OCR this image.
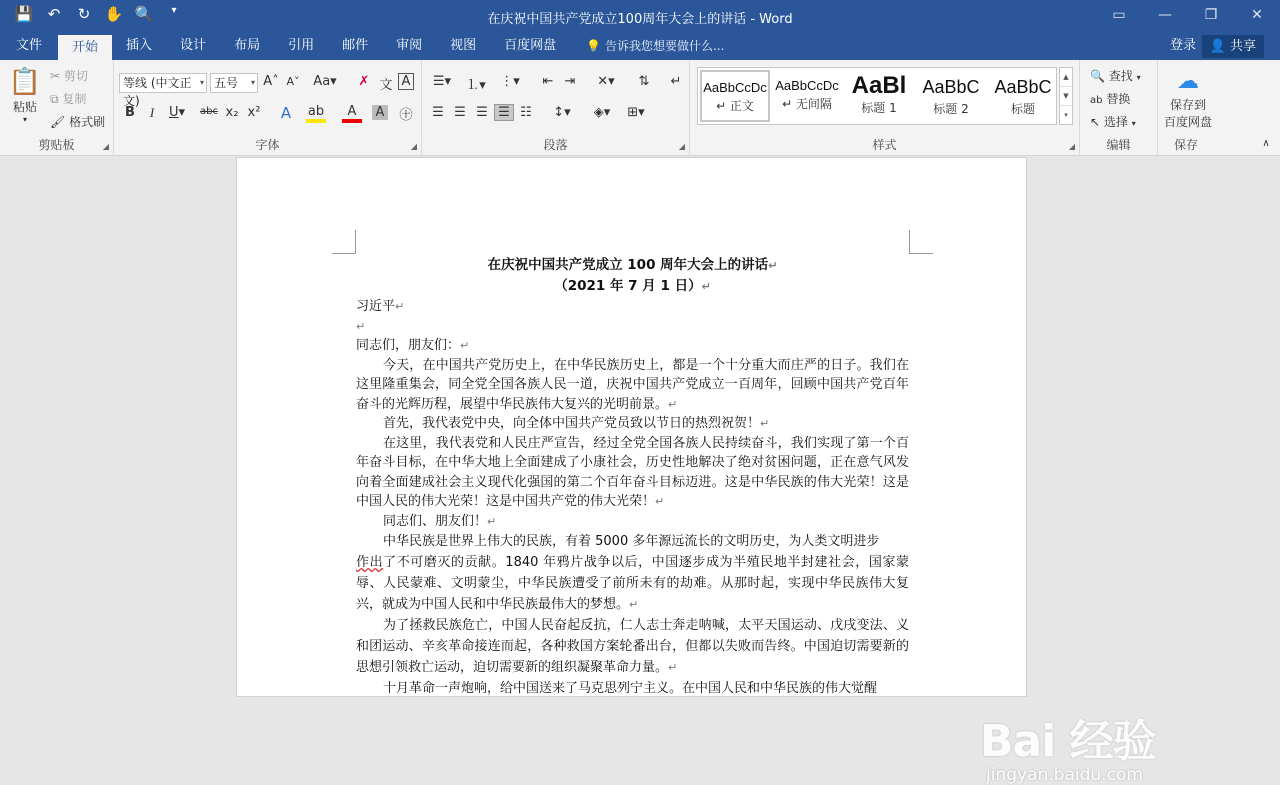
💾 ↶ ↻ ✋ 🔍	▾
在庆祝中国共产党成立100周年大会上的讲话 - Word	▭	—	❐	✕
文件	开始	插入	设计	布局	引用	邮件	审阅	视图	百度网盘	💡 告诉我您想要做什么...	登录	👤 共享
📋
粘贴
▾
✂ 剪切
⧉ 复制
🖌 格式刷
剪贴板	◢
等线 (中文正文)
▾ 五号 ▾ A˄ A˅ Aa▾	✗ 文 A
B	I	U▾	abc x₂ x²	A	ab	A	A ㊉
字体	◢
☰▾	⒈▾	⋮▾	⇤ ⇥	✕▾	⇅	↵
☰ ☰ ☰ ☰ ☷	↕▾	◈▾	⊞▾
段落	◢	样式	◢
AaBbCcDc
↵ 正文
AaBbCcDc
↵ 无间隔
AaBl
标题 1
AaBbC
标题 2
AaBbC
标题
▲
▼
▾
🔍 查找 ▾
ab 替换
↖ 选择 ▾
编辑
☁
保存到
百度网盘
保存	∧
在庆祝中国共产党成立 100 周年大会上的讲话↵
（2021 年 7 月 1 日）↵
习近平↵
↵
同志们，朋友们：↵
今天，在中国共产党历史上，在中华民族历史上，都是一个十分重大而庄严的日子。我们在这里隆重集会，同全党全国各族人民一道，庆祝中国共产党成立一百周年，回顾中国共产党百年奋斗的光辉历程，展望中华民族伟大复兴的光明前景。↵
首先，我代表党中央，向全体中国共产党员致以节日的热烈祝贺！↵
在这里，我代表党和人民庄严宣告，经过全党全国各族人民持续奋斗，我们实现了第一个百年奋斗目标，在中华大地上全面建成了小康社会，历史性地解决了绝对贫困问题，正在意气风发向着全面建成社会主义现代化强国的第二个百年奋斗目标迈进。这是中华民族的伟大光荣！这是中国人民的伟大光荣！这是中国共产党的伟大光荣！↵
同志们、朋友们！↵
中华民族是世界上伟大的民族，有着 5000 多年源远流长的文明历史，为人类文明进步
作出了不可磨灭的贡献。1840 年鸦片战争以后，中国逐步成为半殖民地半封建社会，国家蒙辱、人民蒙难、文明蒙尘，中华民族遭受了前所未有的劫难。从那时起，实现中华民族伟大复兴，就成为中国人民和中华民族最伟大的梦想。↵
为了拯救民族危亡，中国人民奋起反抗，仁人志士奔走呐喊，太平天国运动、戊戌变法、义和团运动、辛亥革命接连而起，各种救国方案轮番出台，但都以失败而告终。中国迫切需要新的思想引领救亡运动，迫切需要新的组织凝聚革命力量。↵
十月革命一声炮响，给中国送来了马克思列宁主义。在中国人民和中华民族的伟大觉醒
Bai 经验
jingyan.baidu.com
